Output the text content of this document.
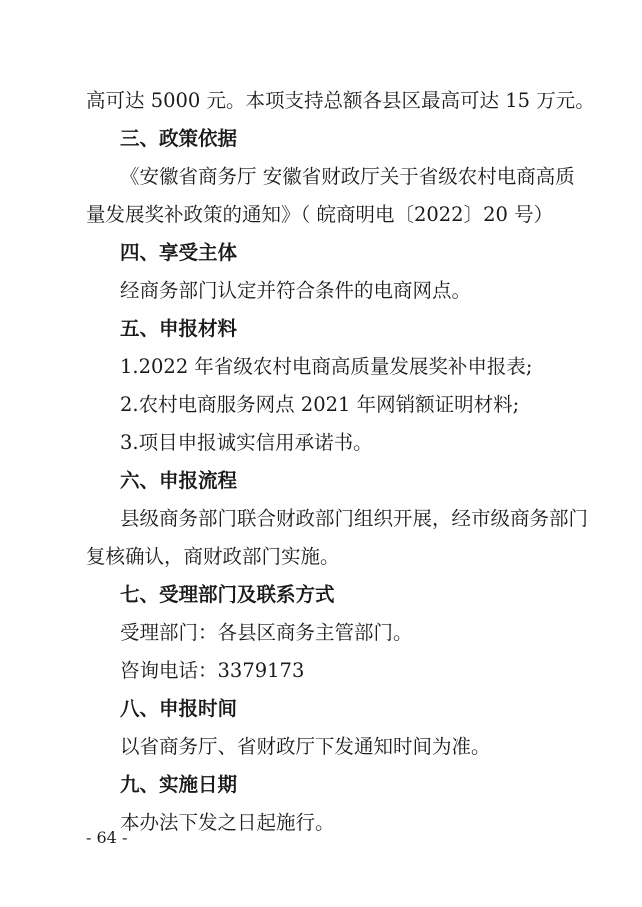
高可达 5000 元。本项支持总额各县区最高可达 15 万元。
三、政策依据
《安徽省商务厅 安徽省财政厅关于省级农村电商高质
量发展奖补政策的通知》（ 皖商明电〔2022〕20 号）
四、享受主体
经商务部门认定并符合条件的电商网点。
五、申报材料
1.2022 年省级农村电商高质量发展奖补申报表;
2.农村电商服务网点 2021 年网销额证明材料;
3.项目申报诚实信用承诺书。
六、申报流程
县级商务部门联合财政部门组织开展，经市级商务部门
复核确认，商财政部门实施。
七、受理部门及联系方式
受理部门：各县区商务主管部门。
咨询电话：3379173
八、申报时间
以省商务厅、省财政厅下发通知时间为准。
九、实施日期
本办法下发之日起施行。
- 64 -
